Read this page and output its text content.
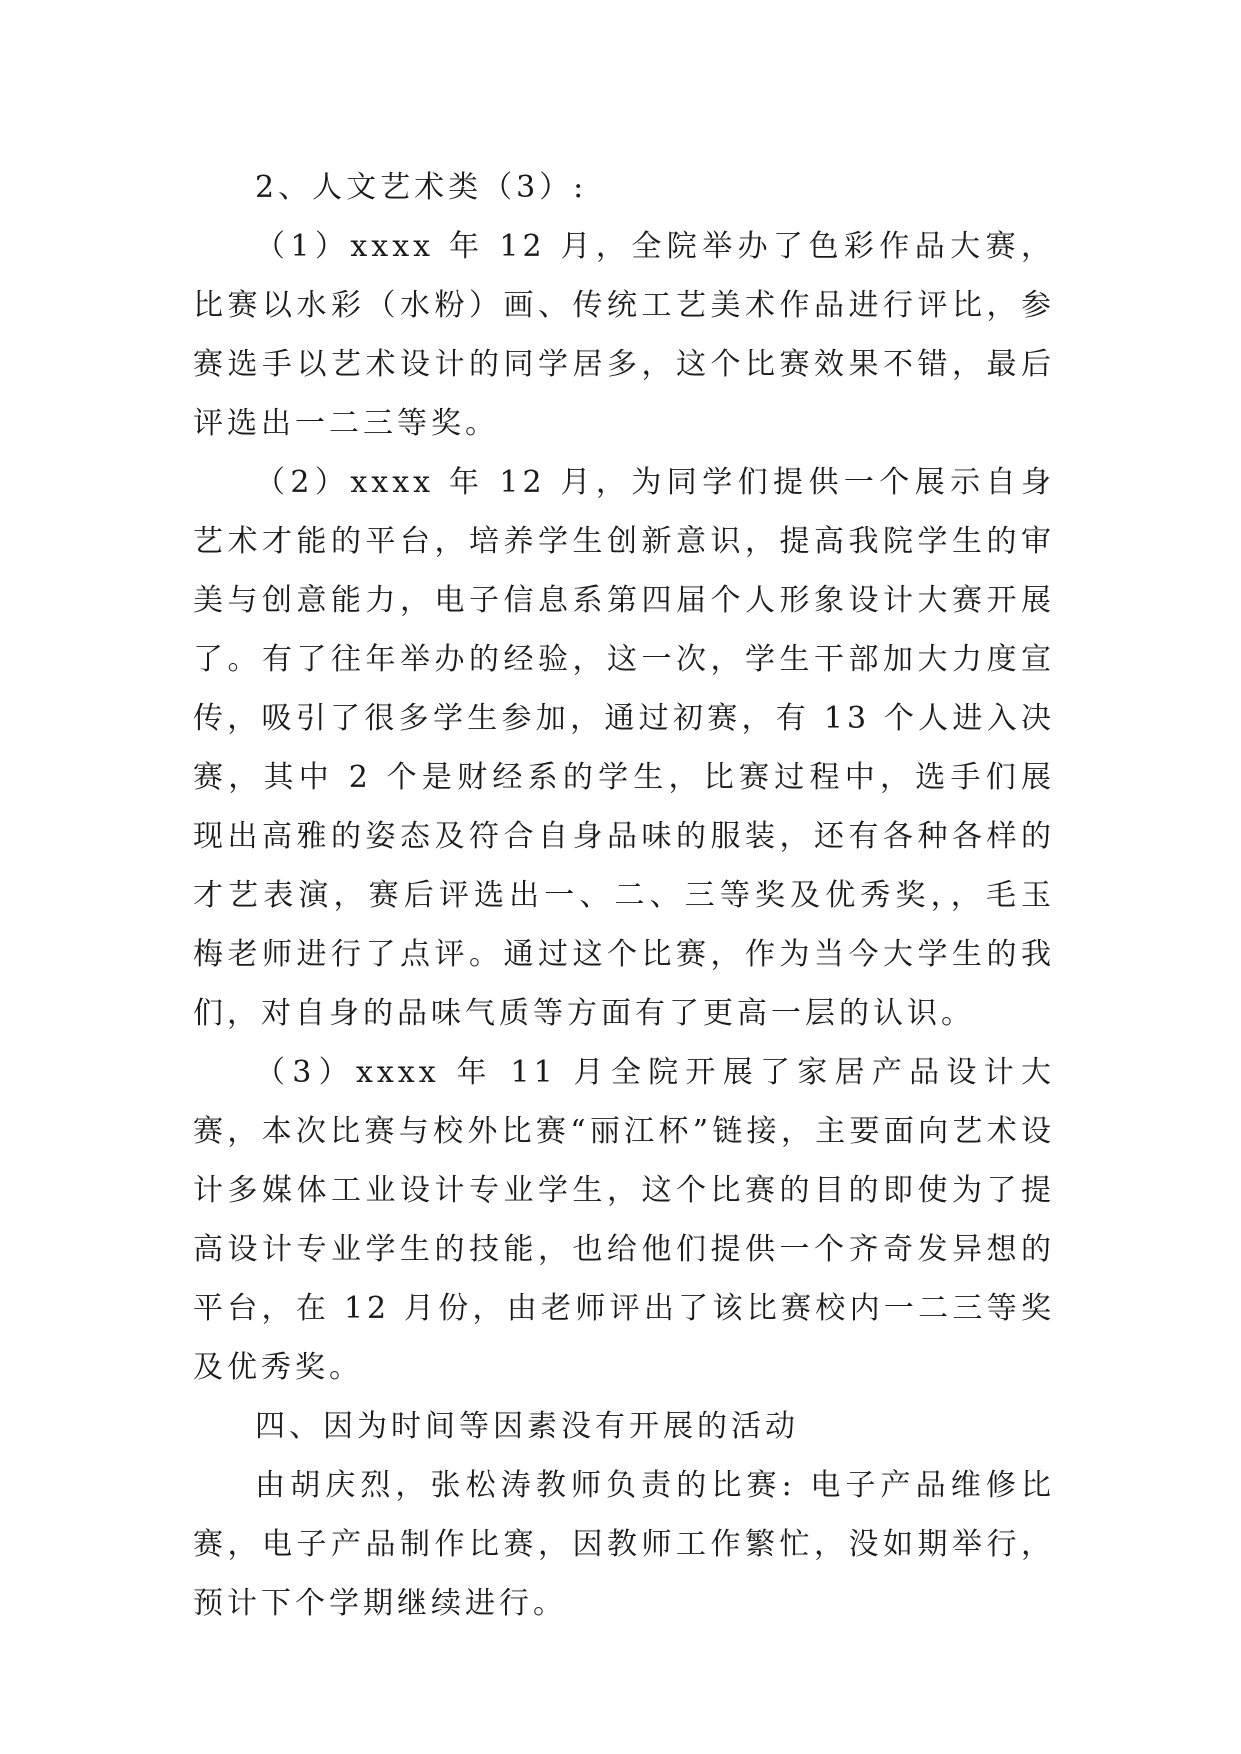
2、人文艺术类（3）:

（1）xxxx 年 12 月，全院举办了色彩作品大赛，比赛以水彩（水粉）画、传统工艺美术作品进行评比，参赛选手以艺术设计的同学居多，这个比赛效果不错，最后评选出一二三等奖。

（2）xxxx 年 12 月，为同学们提供一个展示自身艺术才能的平台，培养学生创新意识，提高我院学生的审美与创意能力，电子信息系第四届个人形象设计大赛开展了。有了往年举办的经验，这一次，学生干部加大力度宣传，吸引了很多学生参加，通过初赛，有 13 个人进入决赛，其中 2 个是财经系的学生，比赛过程中，选手们展现出高雅的姿态及符合自身品味的服装，还有各种各样的才艺表演，赛后评选出一、二、三等奖及优秀奖，，毛玉梅老师进行了点评。通过这个比赛，作为当今大学生的我们，对自身的品味气质等方面有了更高一层的认识。

（3）xxxx 年 11 月全院开展了家居产品设计大赛，本次比赛与校外比赛“丽江杯”链接，主要面向艺术设计多媒体工业设计专业学生，这个比赛的目的即使为了提高设计专业学生的技能，也给他们提供一个齐奇发异想的平台，在 12 月份，由老师评出了该比赛校内一二三等奖及优秀奖。

四、因为时间等因素没有开展的活动

由胡庆烈，张松涛教师负责的比赛: 电子产品维修比赛，电子产品制作比赛，因教师工作繁忙，没如期举行，预计下个学期继续进行。
